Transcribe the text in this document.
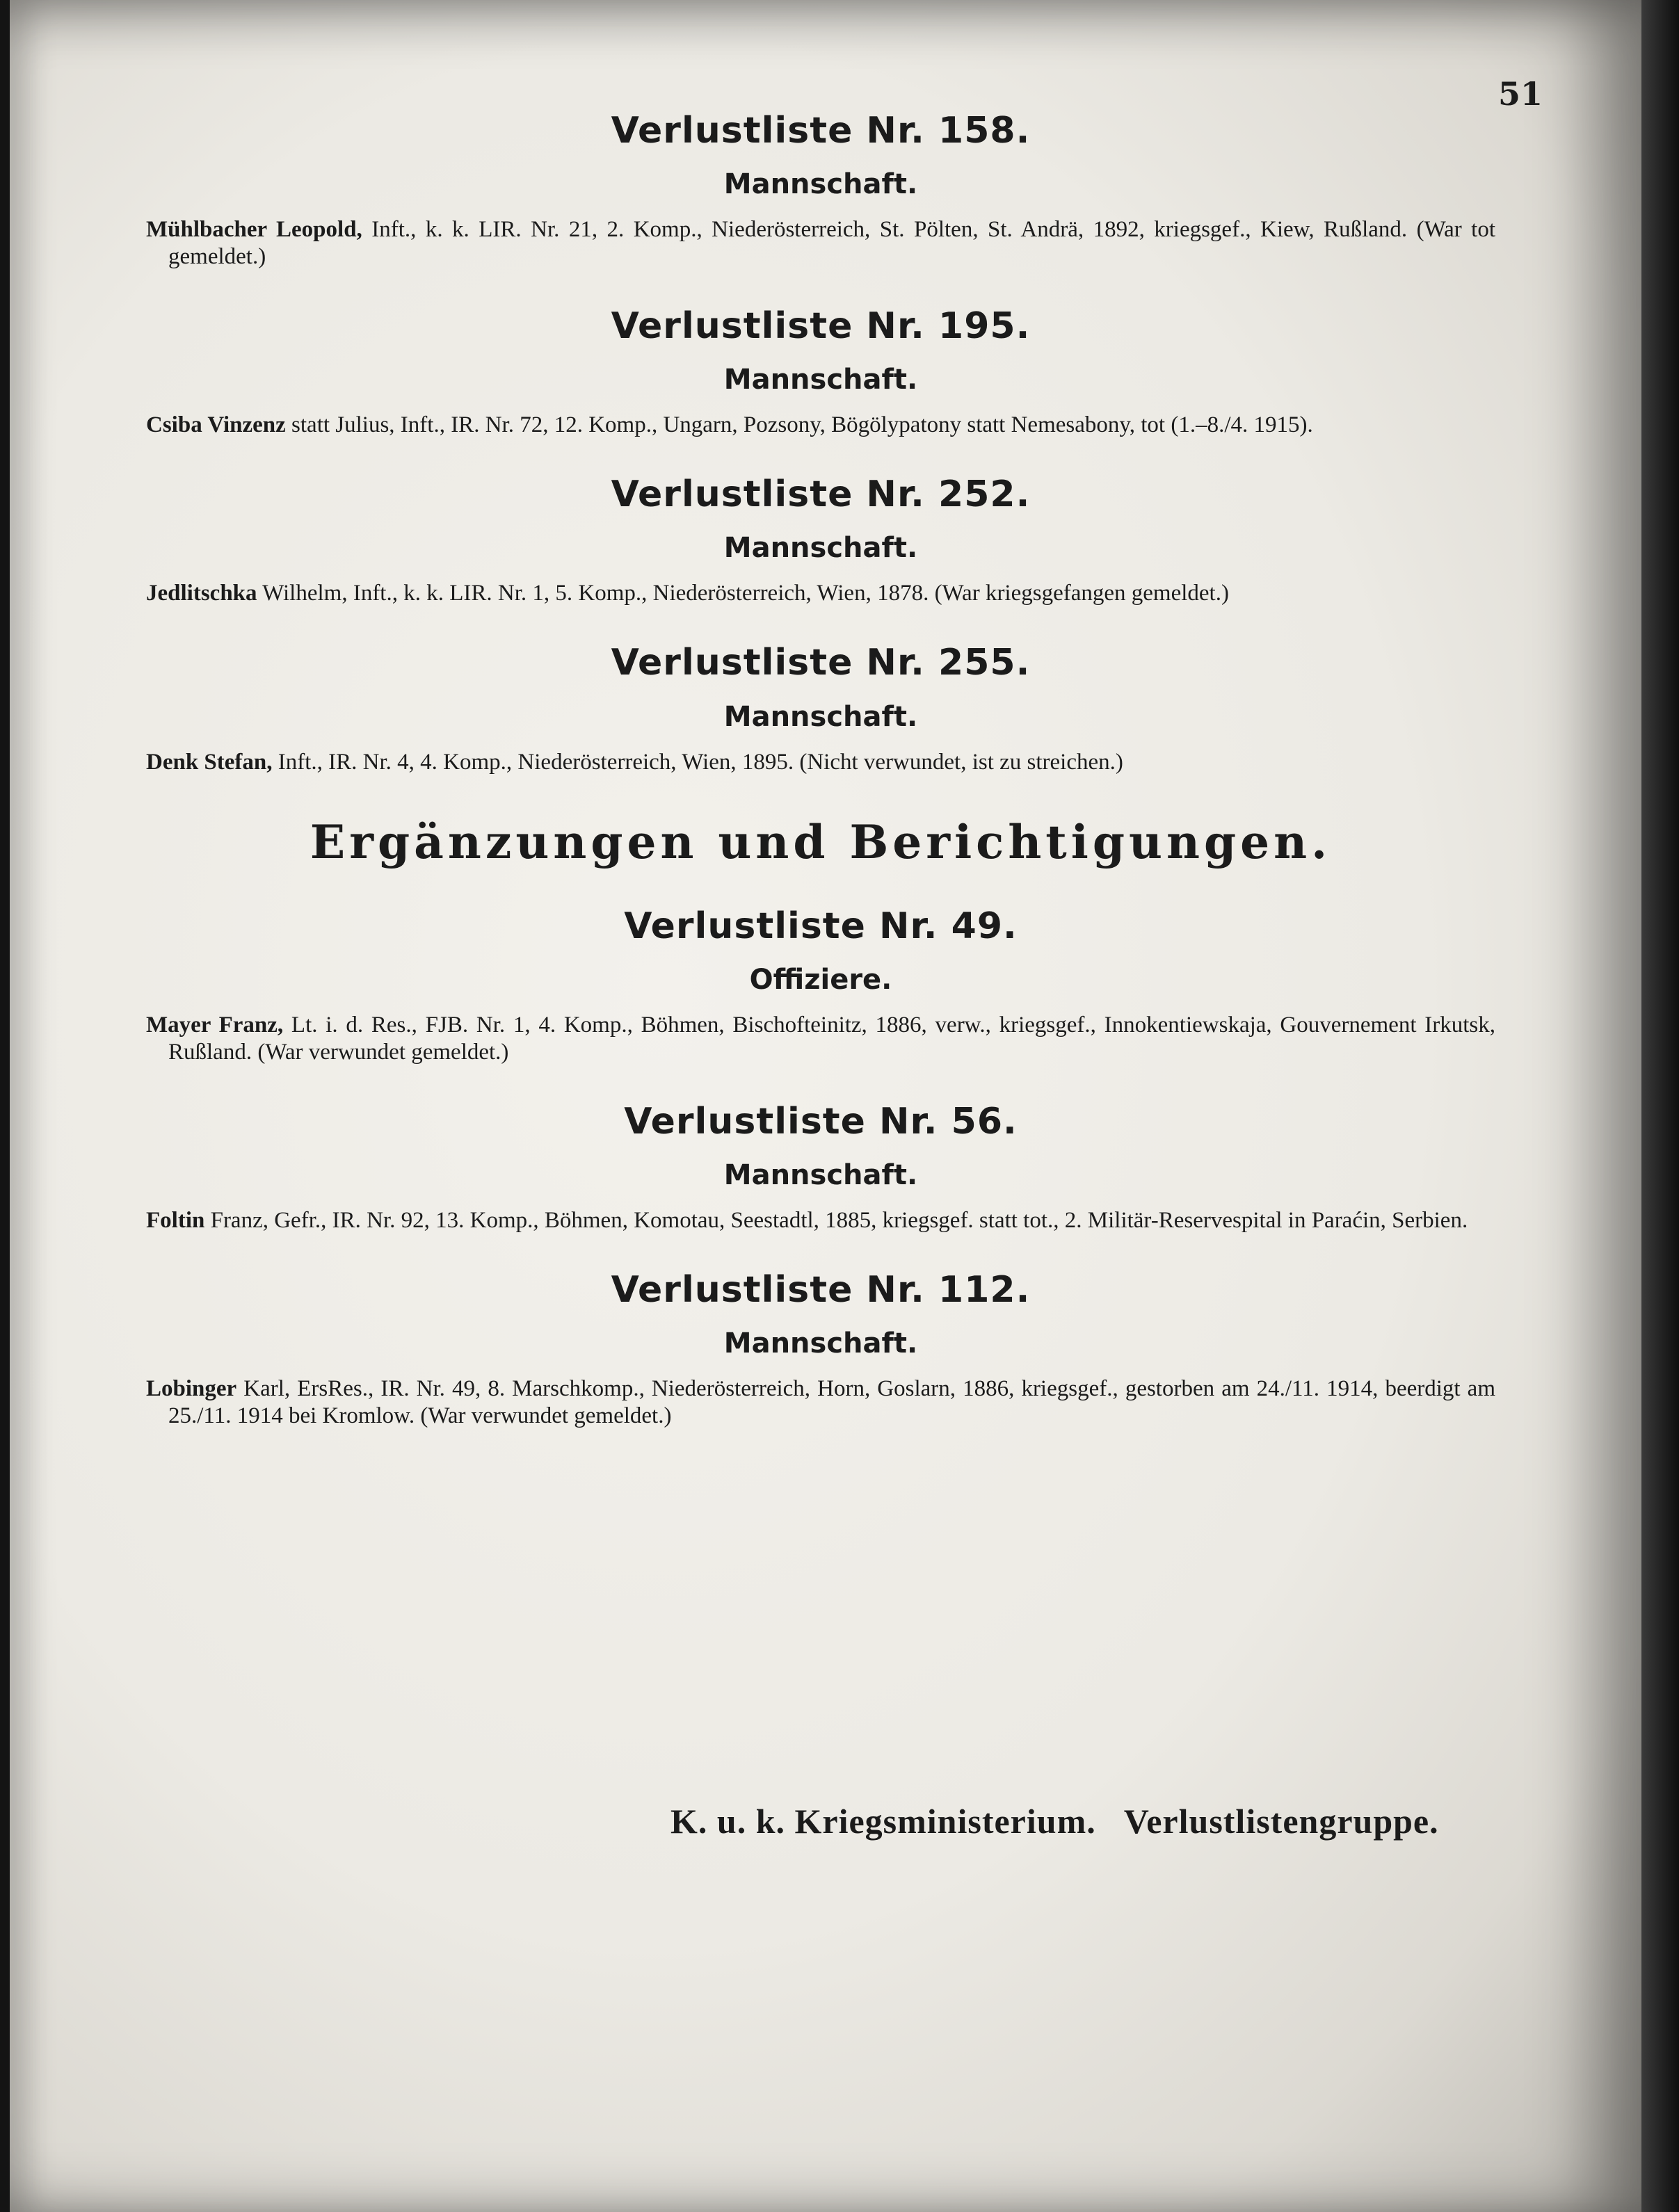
51
Verlustliste Nr. 158.
Mannschaft.

Mühlbacher Leopold, Inft., k. k. LIR. Nr. 21, 2. Komp., Niederösterreich, St. Pölten, St. Andrä, 1892, kriegsgef., Kiew, Rußland. (War tot gemeldet.)

Verlustliste Nr. 195.
Mannschaft.

Csiba Vinzenz statt Julius, Inft., IR. Nr. 72, 12. Komp., Ungarn, Pozsony, Bögölypatony statt Nemesabony, tot (1.–8./4. 1915).

Verlustliste Nr. 252.
Mannschaft.

Jedlitschka Wilhelm, Inft., k. k. LIR. Nr. 1, 5. Komp., Niederösterreich, Wien, 1878. (War kriegsgefangen gemeldet.)

Verlustliste Nr. 255.
Mannschaft.

Denk Stefan, Inft., IR. Nr. 4, 4. Komp., Niederösterreich, Wien, 1895. (Nicht verwundet, ist zu streichen.)

Ergänzungen und Berichtigungen.
Verlustliste Nr. 49.
Offiziere.

Mayer Franz, Lt. i. d. Res., FJB. Nr. 1, 4. Komp., Böhmen, Bischofteinitz, 1886, verw., kriegsgef., Innokentiewskaja, Gouvernement Irkutsk, Rußland. (War verwundet gemeldet.)

Verlustliste Nr. 56.
Mannschaft.

Foltin Franz, Gefr., IR. Nr. 92, 13. Komp., Böhmen, Komotau, Seestadtl, 1885, kriegsgef. statt tot., 2. Militär-Reservespital in Paraćin, Serbien.

Verlustliste Nr. 112.
Mannschaft.

Lobinger Karl, ErsRes., IR. Nr. 49, 8. Marschkomp., Niederösterreich, Horn, Goslarn, 1886, kriegsgef., gestorben am 24./11. 1914, beerdigt am 25./11. 1914 bei Kromlow. (War verwundet gemeldet.)

K. u. k. Kriegsministerium. Verlustlistengruppe.
